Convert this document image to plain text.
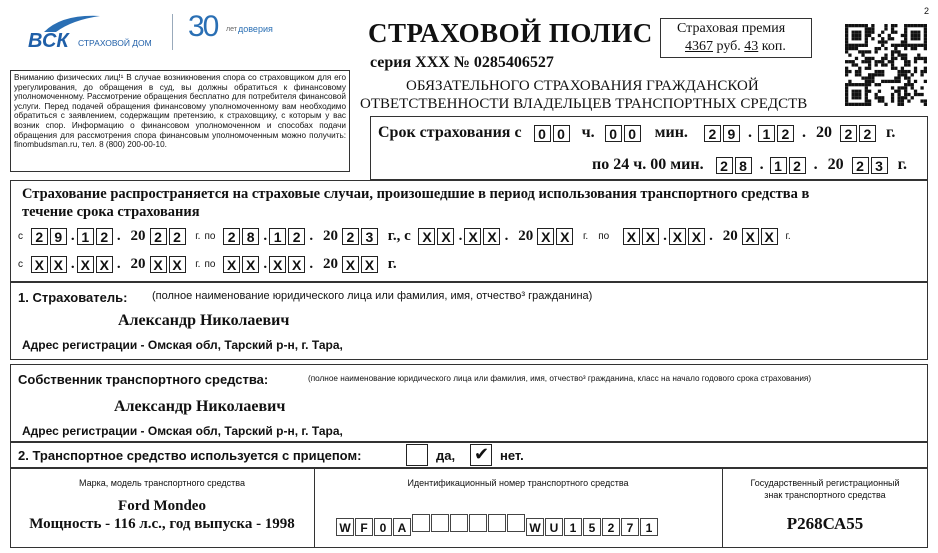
ВСК СТРАХОВОЙ ДОМ 30 лет доверия
2
СТРАХОВОЙ ПОЛИС
серия ХХХ № 0285406527
ОБЯЗАТЕЛЬНОГО СТРАХОВАНИЯ ГРАЖДАНСКОЙ
ОТВЕТСТВЕННОСТИ ВЛАДЕЛЬЦЕВ ТРАНСПОРТНЫХ СРЕДСТВ
Страховая премия
4367 руб. 43 коп.
Вниманию физических лиц!¹ В случае возникновения спора со страховщиком для его урегулирования, до обращения в суд, вы должны обратиться к финансовому уполномоченному. Рассмотрение обращения бесплатно для потребителя финансовой услуги. Перед подачей обращения финансовому уполномоченному вам необходимо обратиться с заявлением, содержащим претензию, к страховщику, с которым у вас возник спор. Информацию о финансовом уполномоченном и способах подачи обращения для рассмотрения спора финансовым уполномоченным можно получить: finombudsman.ru, тел. 8 (800) 200-00-10.
Срок страхования с 0 0 ч. 0 0 мин. 2 9 . 1 2 . 20 2 2 г.
по 24 ч. 00 мин. 2 8 . 1 2 . 20 2 3 г.
Страхование распространяется на страховые случаи, произошедшие в период использования транспортного средства в
течение срока страхования
с 2 9 . 1 2 . 20 2 2 г. по 2 8 . 1 2 . 20 2 3 г., с X X . X X . 20 X X г. по X X . X X . 20 X X г.
с X X . X X . 20 X X г. по X X . X X . 20 X X г.
1. Страхователь: (полное наименование юридического лица или фамилия, имя, отчество³ гражданина)
Александр Николаевич
Адрес регистрации - Омская обл, Тарский р-н, г. Тара,
Собственник транспортного средства:	(полное наименование юридического лица или фамилия, имя, отчество³ гражданина, класс на начало годового срока страхования)
Александр Николаевич
Адрес регистрации - Омская обл, Тарский р-н, г. Тара,
2. Транспортное средство используется с прицепом:	да, ✔ нет.
Марка, модель транспортного средства
Ford Mondeo
Мощность - 116 л.с., год выпуска - 1998
Идентификационный номер транспортного средства
W F 0 A	W U 1 5 2 7 1
Государственный регистрационный
знак транспортного средства
Р268СА55
